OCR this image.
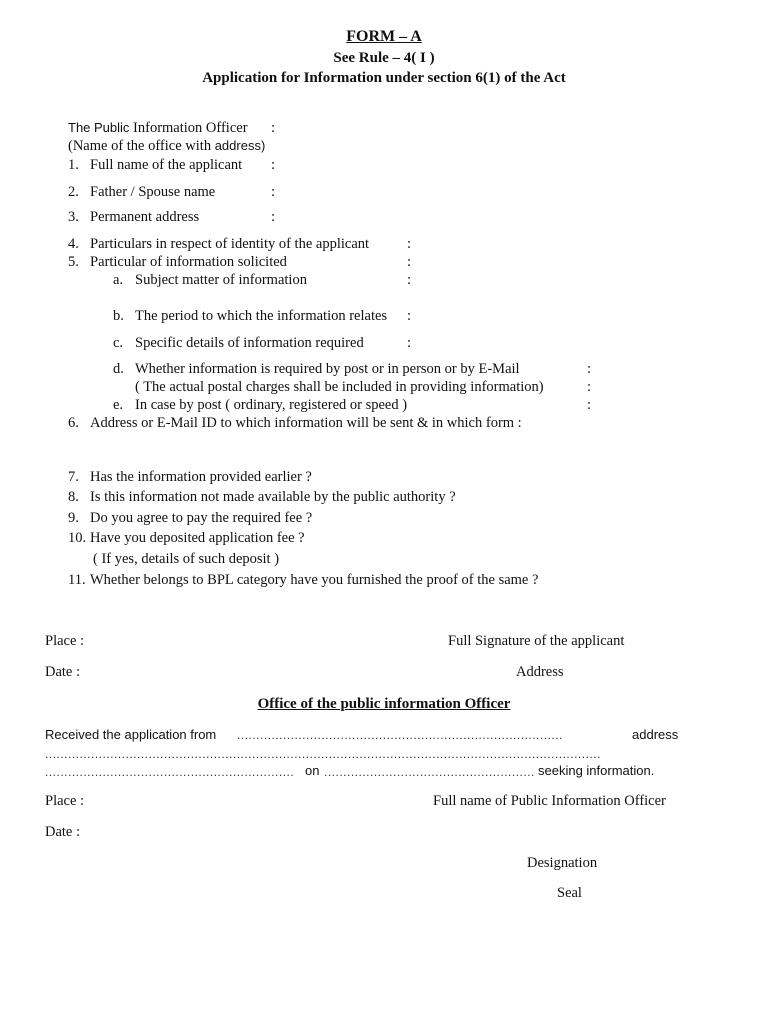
FORM – A
See Rule – 4( I )
Application for Information under section 6(1) of the Act
The Public Information Officer :
(Name of the office with address)
1. Full name of the applicant :
2. Father / Spouse name	:
3. Permanent address	:
4. Particulars in respect of identity of the applicant	:
5. Particular of information solicited	:
a. Subject matter of information	:
b. The period to which the information relates :
c. Specific details of information required	:
d. Whether information is required by post or in person or by E-Mail	:
( The actual postal charges shall be included in providing information)	:
e. In case by post ( ordinary, registered or speed )	:
6. Address or E-Mail ID to which information will be sent & in which form :
7. Has the information provided earlier ?
8. Is this information not made available by the public authority ?
9. Do you agree to pay the required fee ?
10. Have you deposited application fee ?
( If yes, details of such deposit )
11. Whether belongs to BPL category have you furnished the proof of the same ?
Place :	Full Signature of the applicant
Date :	Address
Office of the public information Officer
Received the application from .....................................................................................	address
.................................................................................................................................................
................................................................. on ....................................................... seeking information.
Place :	Full name of Public Information Officer
Date :
Designation
Seal
